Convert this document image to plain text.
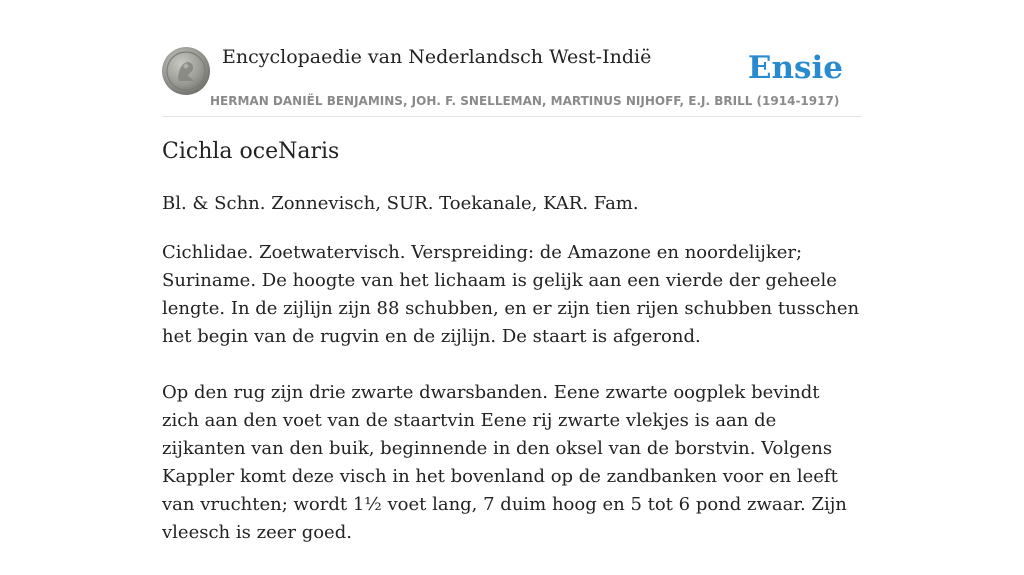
Encyclopaedie van Nederlandsch West-Indië	Ensie
HERMAN DANIËL BENJAMINS, JOH. F. SNELLEMAN, MARTINUS NIJHOFF, E.J. BRILL (1914-1917)
Cichla oceNaris
Bl. & Schn. Zonnevisch, SUR. Toekanale, KAR. Fam.

Cichlidae. Zoetwatervisch. Verspreiding: de Amazone en noordelijker; Suriname. De hoogte van het lichaam is gelijk aan een vierde der geheele lengte. In de zijlijn zijn 88 schubben, en er zijn tien rijen schubben tusschen het begin van de rugvin en de zijlijn. De staart is afgerond.

Op den rug zijn drie zwarte dwarsbanden. Eene zwarte oogplek bevindt zich aan den voet van de staartvin Eene rij zwarte vlekjes is aan de zijkanten van den buik, beginnende in den oksel van de borstvin. Volgens Kappler komt deze visch in het bovenland op de zandbanken voor en leeft van vruchten; wordt 1½ voet lang, 7 duim hoog en 5 tot 6 pond zwaar. Zijn vleesch is zeer goed.
